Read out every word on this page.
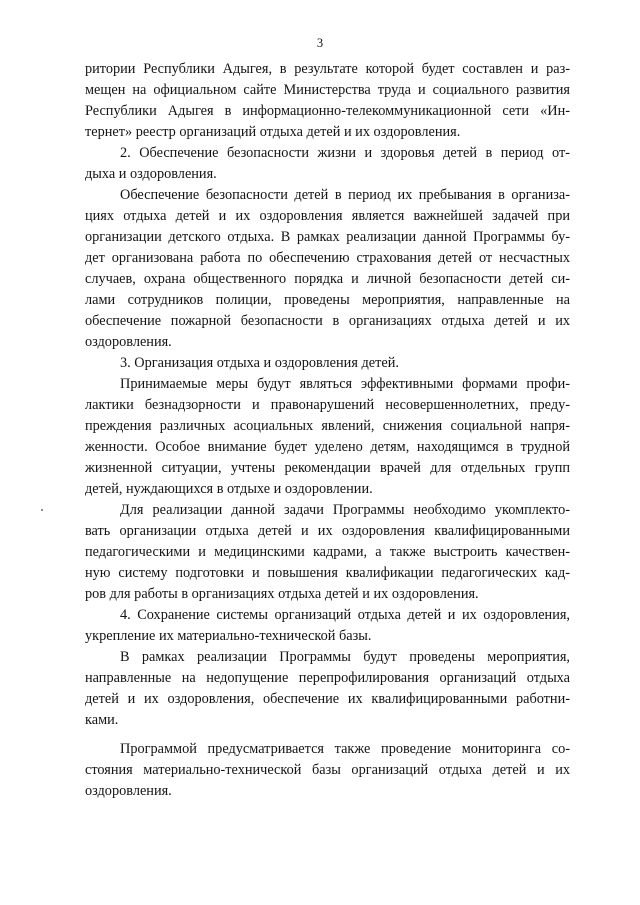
3
ритории Республики Адыгея, в результате которой будет составлен и раз-
мещен на официальном сайте Министерства труда и социального развития
Республики Адыгея в информационно-телекоммуникационной сети «Ин-
тернет» реестр организаций отдыха детей и их оздоровления.
2. Обеспечение безопасности жизни и здоровья детей в период от-
дыха и оздоровления.
Обеспечение безопасности детей в период их пребывания в организа-
циях отдыха детей и их оздоровления является важнейшей задачей при
организации детского отдыха. В рамках реализации данной Программы бу-
дет организована работа по обеспечению страхования детей от несчастных
случаев, охрана общественного порядка и личной безопасности детей си-
лами сотрудников полиции, проведены мероприятия, направленные на
обеспечение пожарной безопасности в организациях отдыха детей и их
оздоровления.
3. Организация отдыха и оздоровления детей.
Принимаемые меры будут являться эффективными формами профи-
лактики безнадзорности и правонарушений несовершеннолетних, преду-
преждения различных асоциальных явлений, снижения социальной напря-
женности. Особое внимание будет уделено детям, находящимся в трудной
жизненной ситуации, учтены рекомендации врачей для отдельных групп
детей, нуждающихся в отдыхе и оздоровлении.
Для реализации данной задачи Программы необходимо укомплекто-
вать организации отдыха детей и их оздоровления квалифицированными
педагогическими и медицинскими кадрами, а также выстроить качествен-
ную систему подготовки и повышения квалификации педагогических кад-
ров для работы в организациях отдыха детей и их оздоровления.
4. Сохранение системы организаций отдыха детей и их оздоровления,
укрепление их материально-технической базы.
В рамках реализации Программы будут проведены мероприятия,
направленные на недопущение перепрофилирования организаций отдыха
детей и их оздоровления, обеспечение их квалифицированными работни-
ками.
Программой предусматривается также проведение мониторинга со-
стояния материально-технической базы организаций отдыха детей и их
оздоровления.
